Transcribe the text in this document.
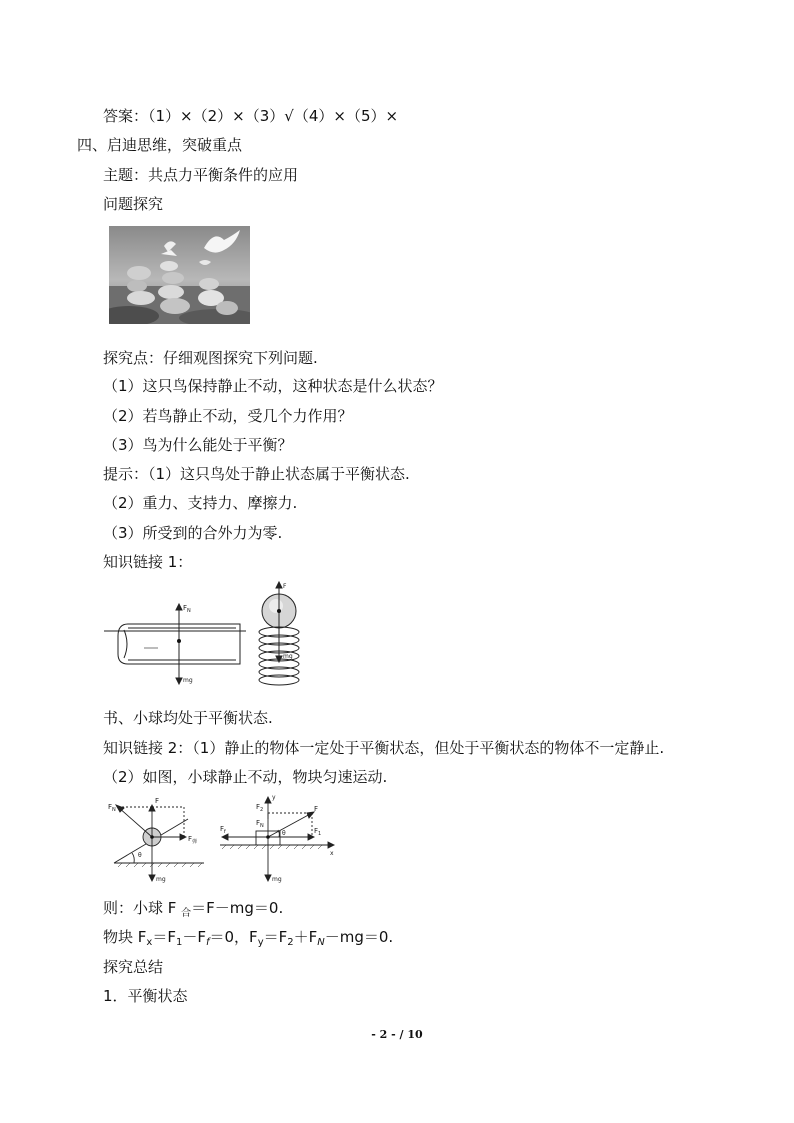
答案：（1）×（2）×（3）√（4）×（5）×
四、启迪思维，突破重点
主题：共点力平衡条件的应用
问题探究
探究点：仔细观图探究下列问题.
（1）这只鸟保持静止不动，这种状态是什么状态？
（2）若鸟静止不动，受几个力作用？
（3）鸟为什么能处于平衡？
提示：（1）这只鸟处于静止状态属于平衡状态.
（2）重力、支持力、摩擦力.
（3）所受到的合外力为零.
知识链接 1：
$F_N$
mg
F
mg
书、小球均处于平衡状态.
知识链接 2：（1）静止的物体一定处于平衡状态，但处于平衡状态的物体不一定静止.
（2）如图，小球静止不动，物块匀速运动.
$F_N$
F
$F_弹$
θ
mg
y
x
$F_2$	F
$F_1$
$F_f$
$F_N$
θ
mg
则：小球 F $_合$＝F－mg＝0.
物块 $F_x=F_1-F_f=0$，$F_y=F_2+F_N-mg=0$.
探究总结
1．平衡状态
- 2 - / 10
